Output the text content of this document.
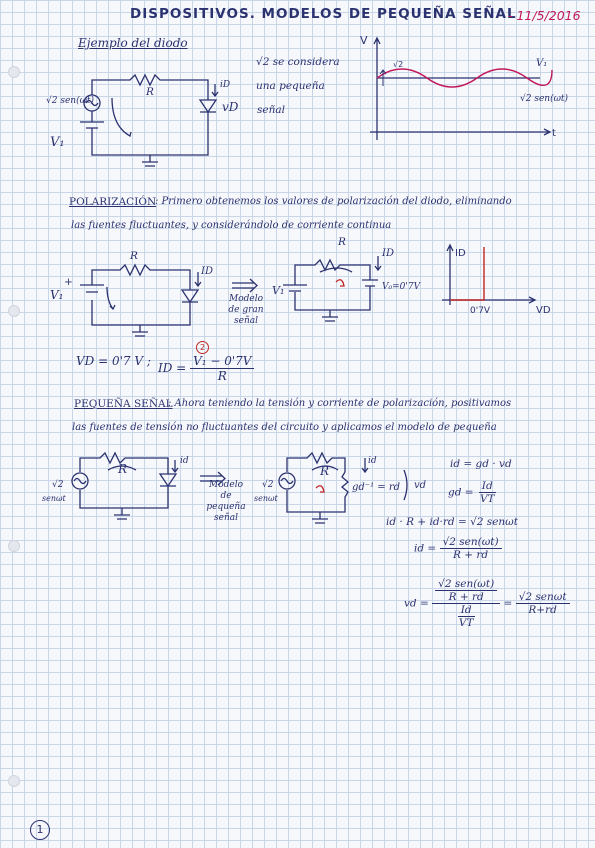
DISPOSITIVOS. MODELOS DE PEQUEÑA SEÑAL
- 11/5/2016
Ejemplo del diodo
√2 sen(ωt)
V₁
R
iD
vD señal
√2 se considera
una pequeña
V
t
√2	V₁
√2 sen(ωt)
POLARIZACIÓN
: Primero obtenemos los valores de polarización del diodo, eliminando
las fuentes fluctuantes, y considerándolo de corriente continua
V₁
+
R
ID
Modelo
de gran
señal
R
ID
V₁	V₀=0'7V
ID
VD
0'7V
VD = 0'7 V ; ID = $\frac{\text{V₁ − 0'7V}}{R}$
2
PEQUEÑA SEÑAL
: Ahora teniendo la tensión y corriente de polarización, positivamos
las fuentes de tensión no fluctuantes del circuito y aplicamos el modelo de pequeña
√2
senωt
R
id
Modelo
de
pequeña
señal
√2
senωt
R
id
gd⁻¹ = rd vd
id = gd · vd
gd = $\frac{Id}{VT}$
id · R + id·rd = √2 senωt
id = $\frac{\text{√2 sen(ωt)}}{R + rd}$
vd = $\frac{\frac{\text{√2 sen(ωt)}}{R + rd}}{\frac{Id}{VT}} = \frac{\text{√2 senωt}}{R+rd}$
1
